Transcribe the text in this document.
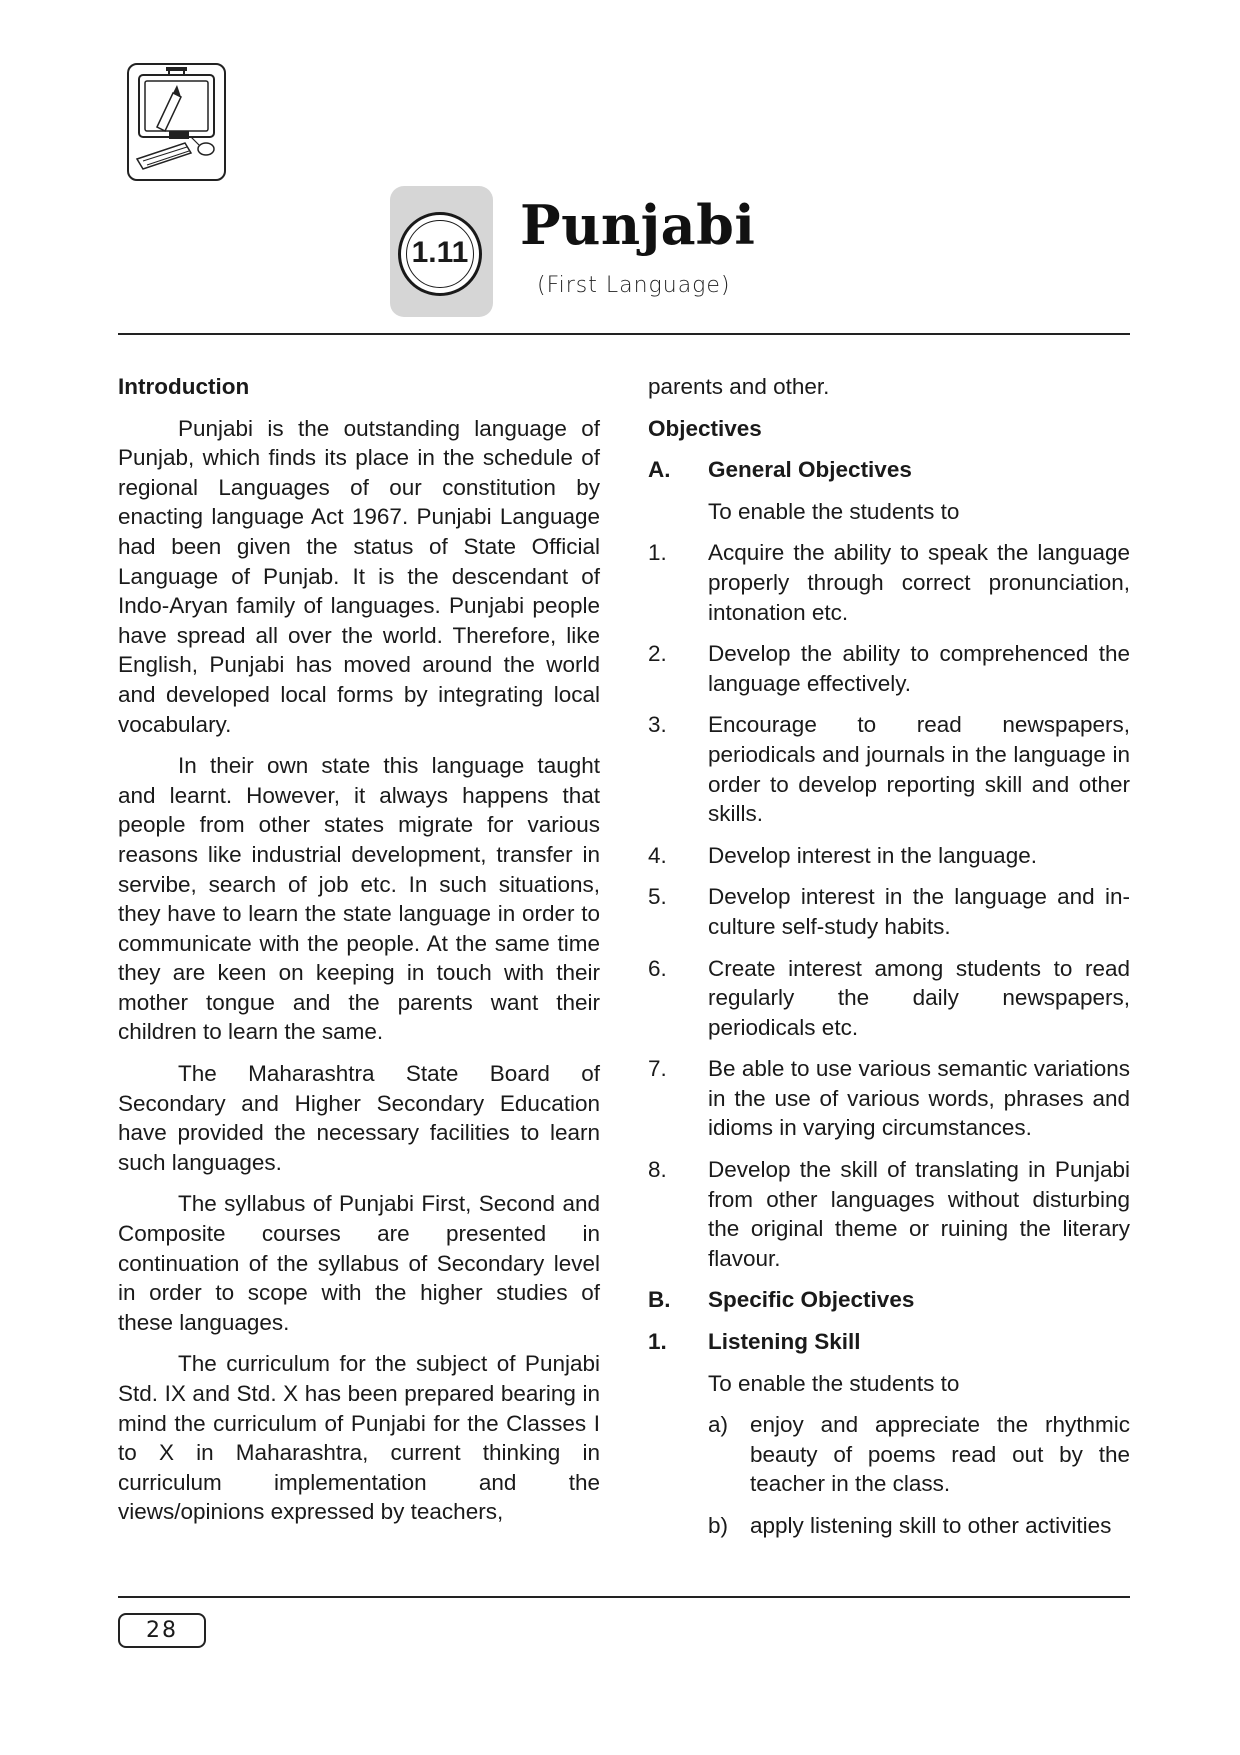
1.11 Punjabi
(First Language)
Introduction

Punjabi is the outstanding language of Punjab, which finds its place in the schedule of regional Languages of our constitution by enacting language Act 1967. Punjabi Language had been given the status of State Official Language of Punjab. It is the descendant of Indo-Aryan family of languages. Punjabi people have spread all over the world. Therefore, like English, Punjabi has moved around the world and developed local forms by integrating local vocabulary.

In their own state this language taught and learnt. However, it always happens that people from other states migrate for various reasons like industrial development, transfer in servibe, search of job etc. In such situations, they have to learn the state language in order to communicate with the people. At the same time they are keen on keeping in touch with their mother tongue and the parents want their children to learn the same.

The Maharashtra State Board of Secondary and Higher Secondary Education have provided the necessary facilities to learn such languages.

The syllabus of Punjabi First, Second and Composite courses are presented in continuation of the syllabus of Secondary level in order to scope with the higher studies of these languages.

The curriculum for the subject of Punjabi Std. IX and Std. X has been prepared bearing in mind the curriculum of Punjabi for the Classes I to X in Maharashtra, current thinking in curriculum implementation and the views/opinions expressed by teachers,

parents and other.
Objectives
A.	General Objectives
To enable the students to
1.	Acquire the ability to speak the language properly through correct pronunciation, intonation etc.
2.	Develop the ability to comprehenced the language effectively.
3.	Encourage to read newspapers, periodicals and journals in the language in order to develop reporting skill and other skills.
4.	Develop interest in the language.
5.	Develop interest in the language and in-culture self-study habits.
6.	Create interest among students to read regularly the daily newspapers, periodicals etc.
7.	Be able to use various semantic variations in the use of various words, phrases and idioms in varying circumstances.
8.	Develop the skill of translating in Punjabi from other languages without disturbing the original theme or ruining the literary flavour.
B.	Specific Objectives
1.	Listening Skill
To enable the students to
a) enjoy and appreciate the rhythmic beauty of poems read out by the teacher in the class.
b) apply listening skill to other activities
28
